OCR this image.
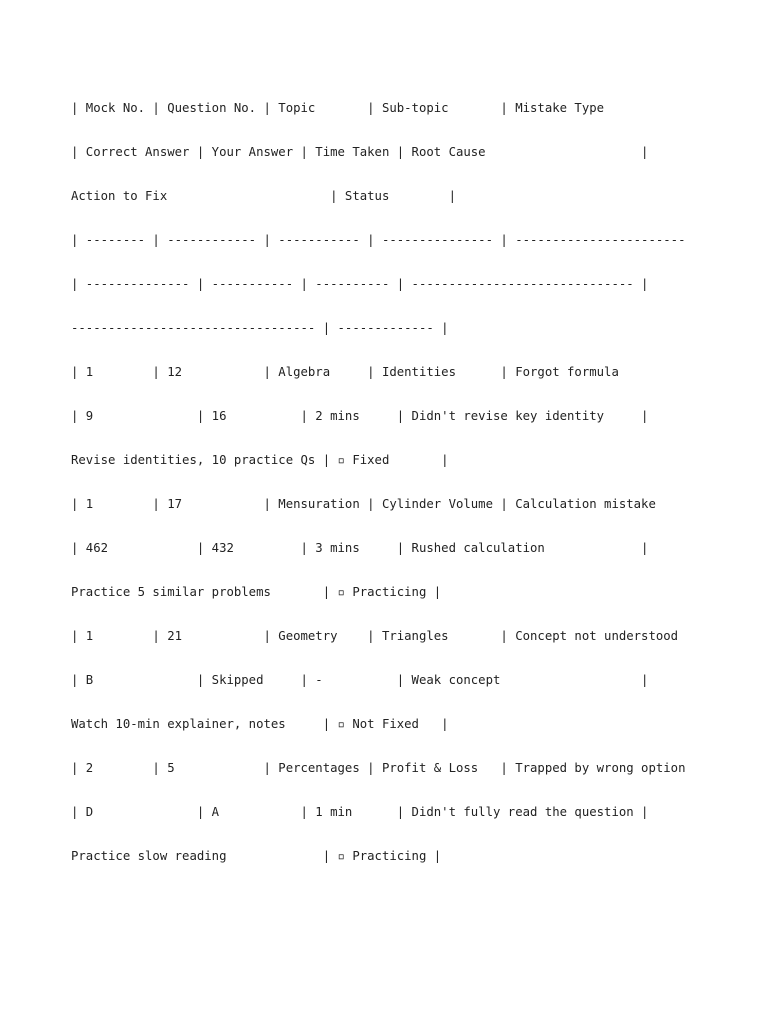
| Mock No. | Question No. | Topic       | Sub-topic       | Mistake Type

| Correct Answer | Your Answer | Time Taken | Root Cause                     |

Action to Fix                      | Status        |

| -------- | ------------ | ----------- | --------------- | -----------------------

| -------------- | ----------- | ---------- | ------------------------------ |

--------------------------------- | ------------- |

| 1        | 12           | Algebra     | Identities      | Forgot formula

| 9              | 16          | 2 mins     | Didn't revise key identity     |

Revise identities, 10 practice Qs | ▫ Fixed       |

| 1        | 17           | Mensuration | Cylinder Volume | Calculation mistake

| 462            | 432         | 3 mins     | Rushed calculation             |

Practice 5 similar problems       | ▫ Practicing |

| 1        | 21           | Geometry    | Triangles       | Concept not understood

| B              | Skipped     | -          | Weak concept                   |

Watch 10-min explainer, notes     | ▫ Not Fixed   |

| 2        | 5            | Percentages | Profit & Loss   | Trapped by wrong option

| D              | A           | 1 min      | Didn't fully read the question |

Practice slow reading             | ▫ Practicing |
